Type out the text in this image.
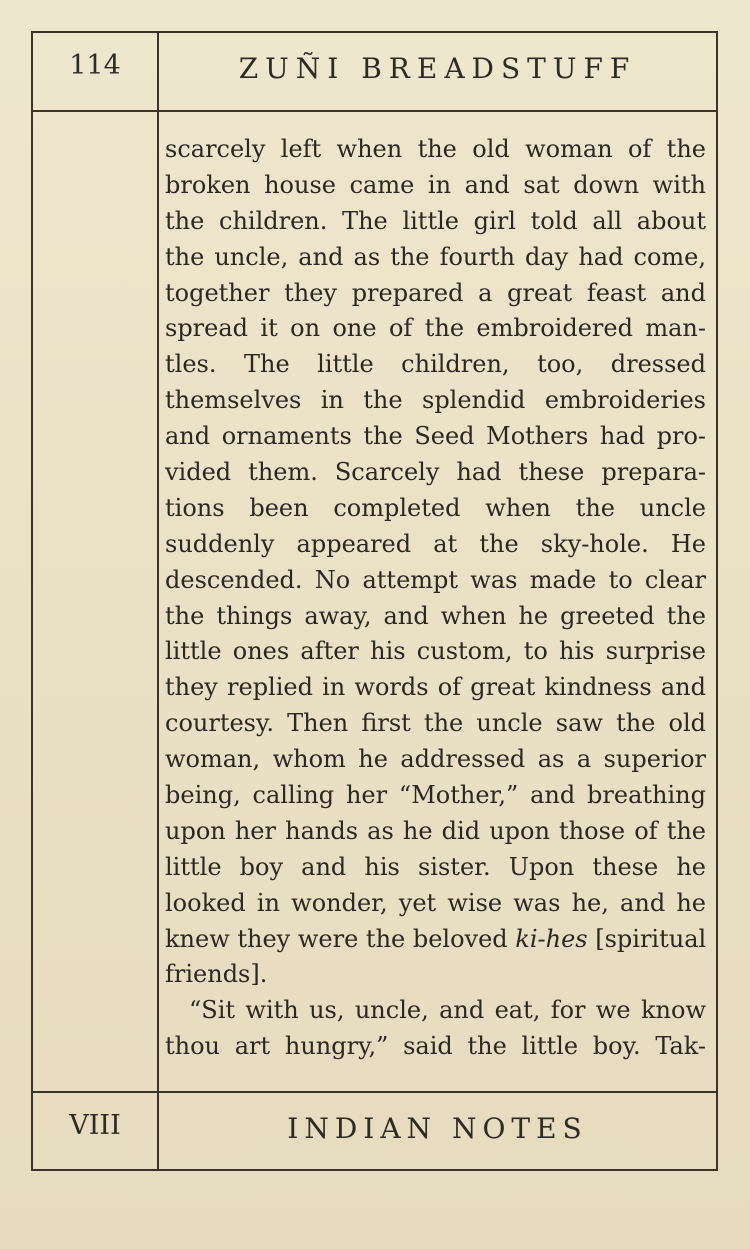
114	ZUÑI BREADSTUFF
scarcely left when the old woman of the
broken house came in and sat down with
the children. The little girl told all about
the uncle, and as the fourth day had come,
together they prepared a great feast and
spread it on one of the embroidered man-
tles. The little children, too, dressed
themselves in the splendid embroideries
and ornaments the Seed Mothers had pro-
vided them. Scarcely had these prepara-
tions been completed when the uncle
suddenly appeared at the sky-hole. He
descended. No attempt was made to clear
the things away, and when he greeted the
little ones after his custom, to his surprise
they replied in words of great kindness and
courtesy. Then first the uncle saw the old
woman, whom he addressed as a superior
being, calling her “Mother,” and breathing
upon her hands as he did upon those of the
little boy and his sister. Upon these he
looked in wonder, yet wise was he, and he
knew they were the beloved ki-hes [spiritual
friends].
“Sit with us, uncle, and eat, for we know
thou art hungry,” said the little boy. Tak-
VIII	INDIAN NOTES
